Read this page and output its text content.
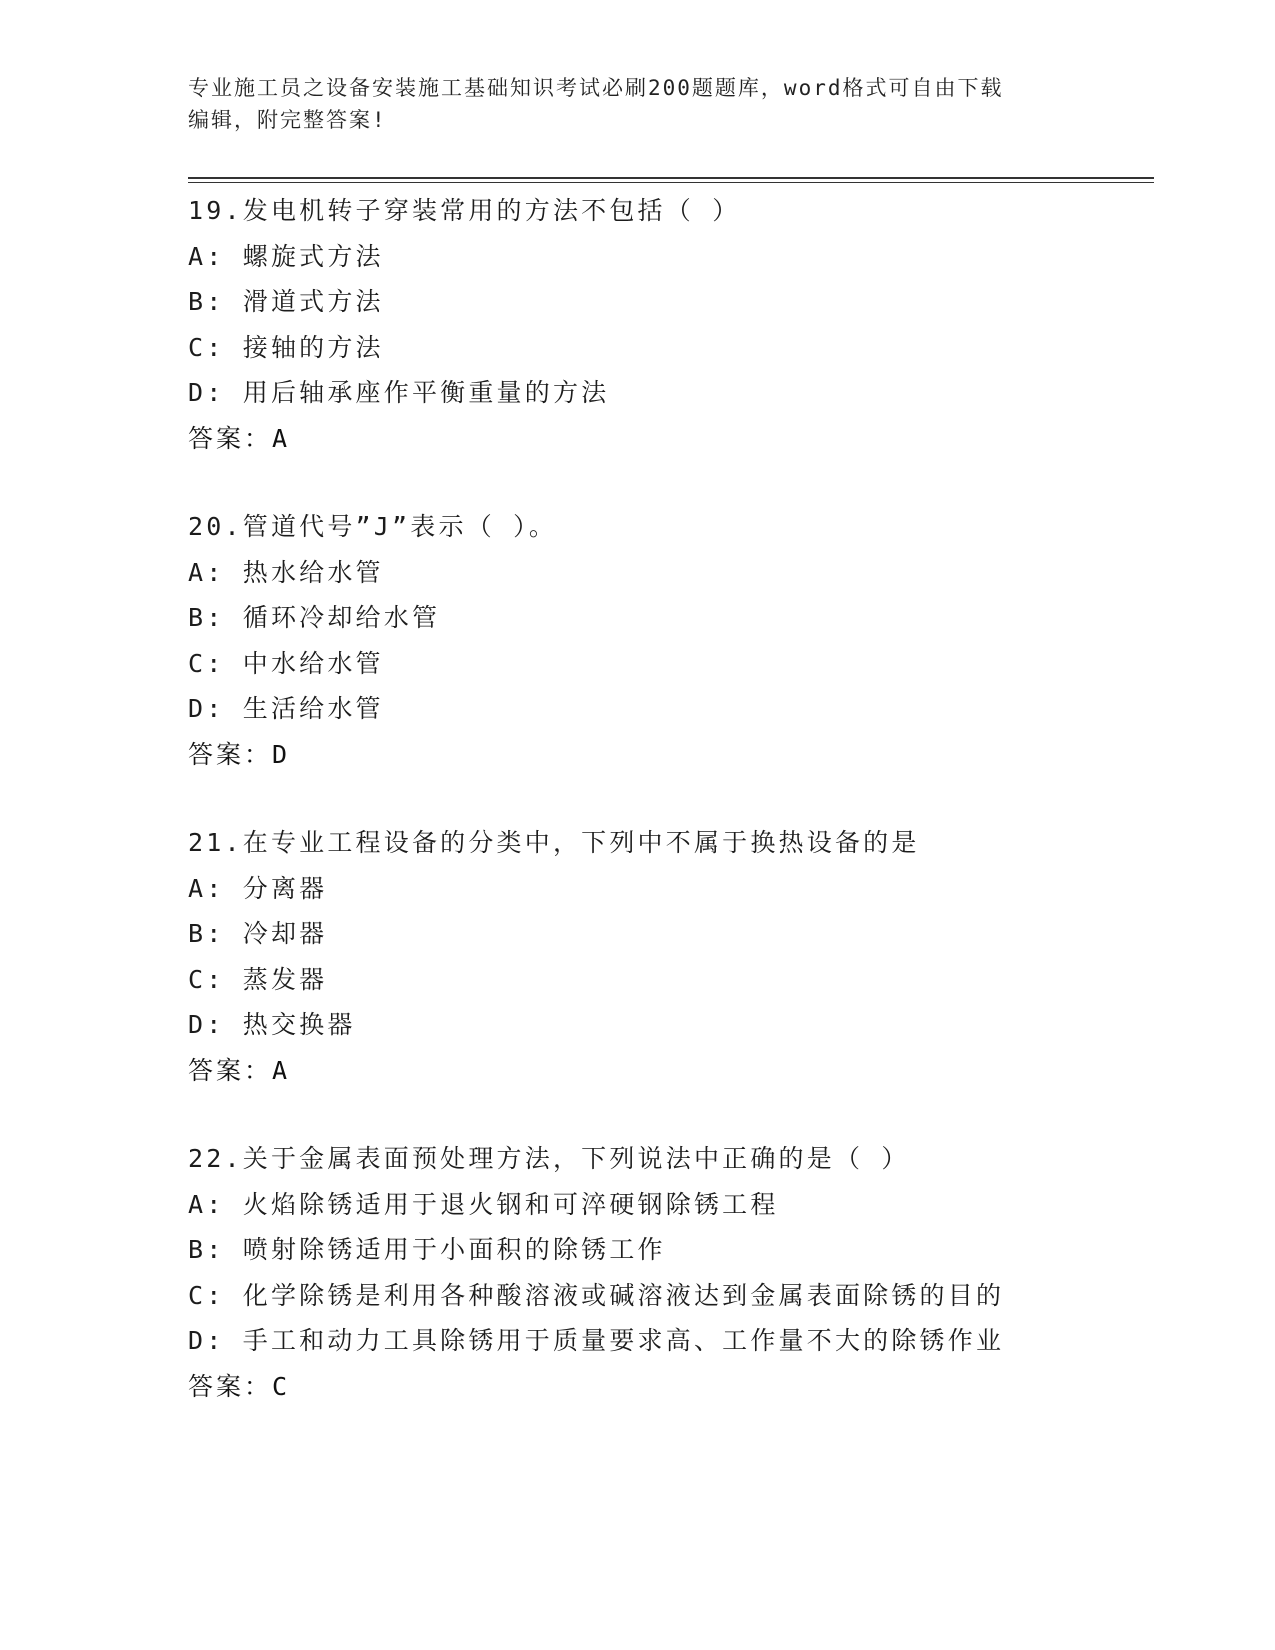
专业施工员之设备安装施工基础知识考试必刷200题题库，word格式可自由下载
编辑，附完整答案!
19.发电机转子穿装常用的方法不包括（ ）
A: 螺旋式方法
B: 滑道式方法
C: 接轴的方法
D: 用后轴承座作平衡重量的方法
答案：A
20.管道代号”J”表示（ ）。
A: 热水给水管
B: 循环冷却给水管
C: 中水给水管
D: 生活给水管
答案：D
21.在专业工程设备的分类中，下列中不属于换热设备的是
A: 分离器
B: 冷却器
C: 蒸发器
D: 热交换器
答案：A
22.关于金属表面预处理方法，下列说法中正确的是（ ）
A: 火焰除锈适用于退火钢和可淬硬钢除锈工程
B: 喷射除锈适用于小面积的除锈工作
C: 化学除锈是利用各种酸溶液或碱溶液达到金属表面除锈的目的
D: 手工和动力工具除锈用于质量要求高、工作量不大的除锈作业
答案：C
